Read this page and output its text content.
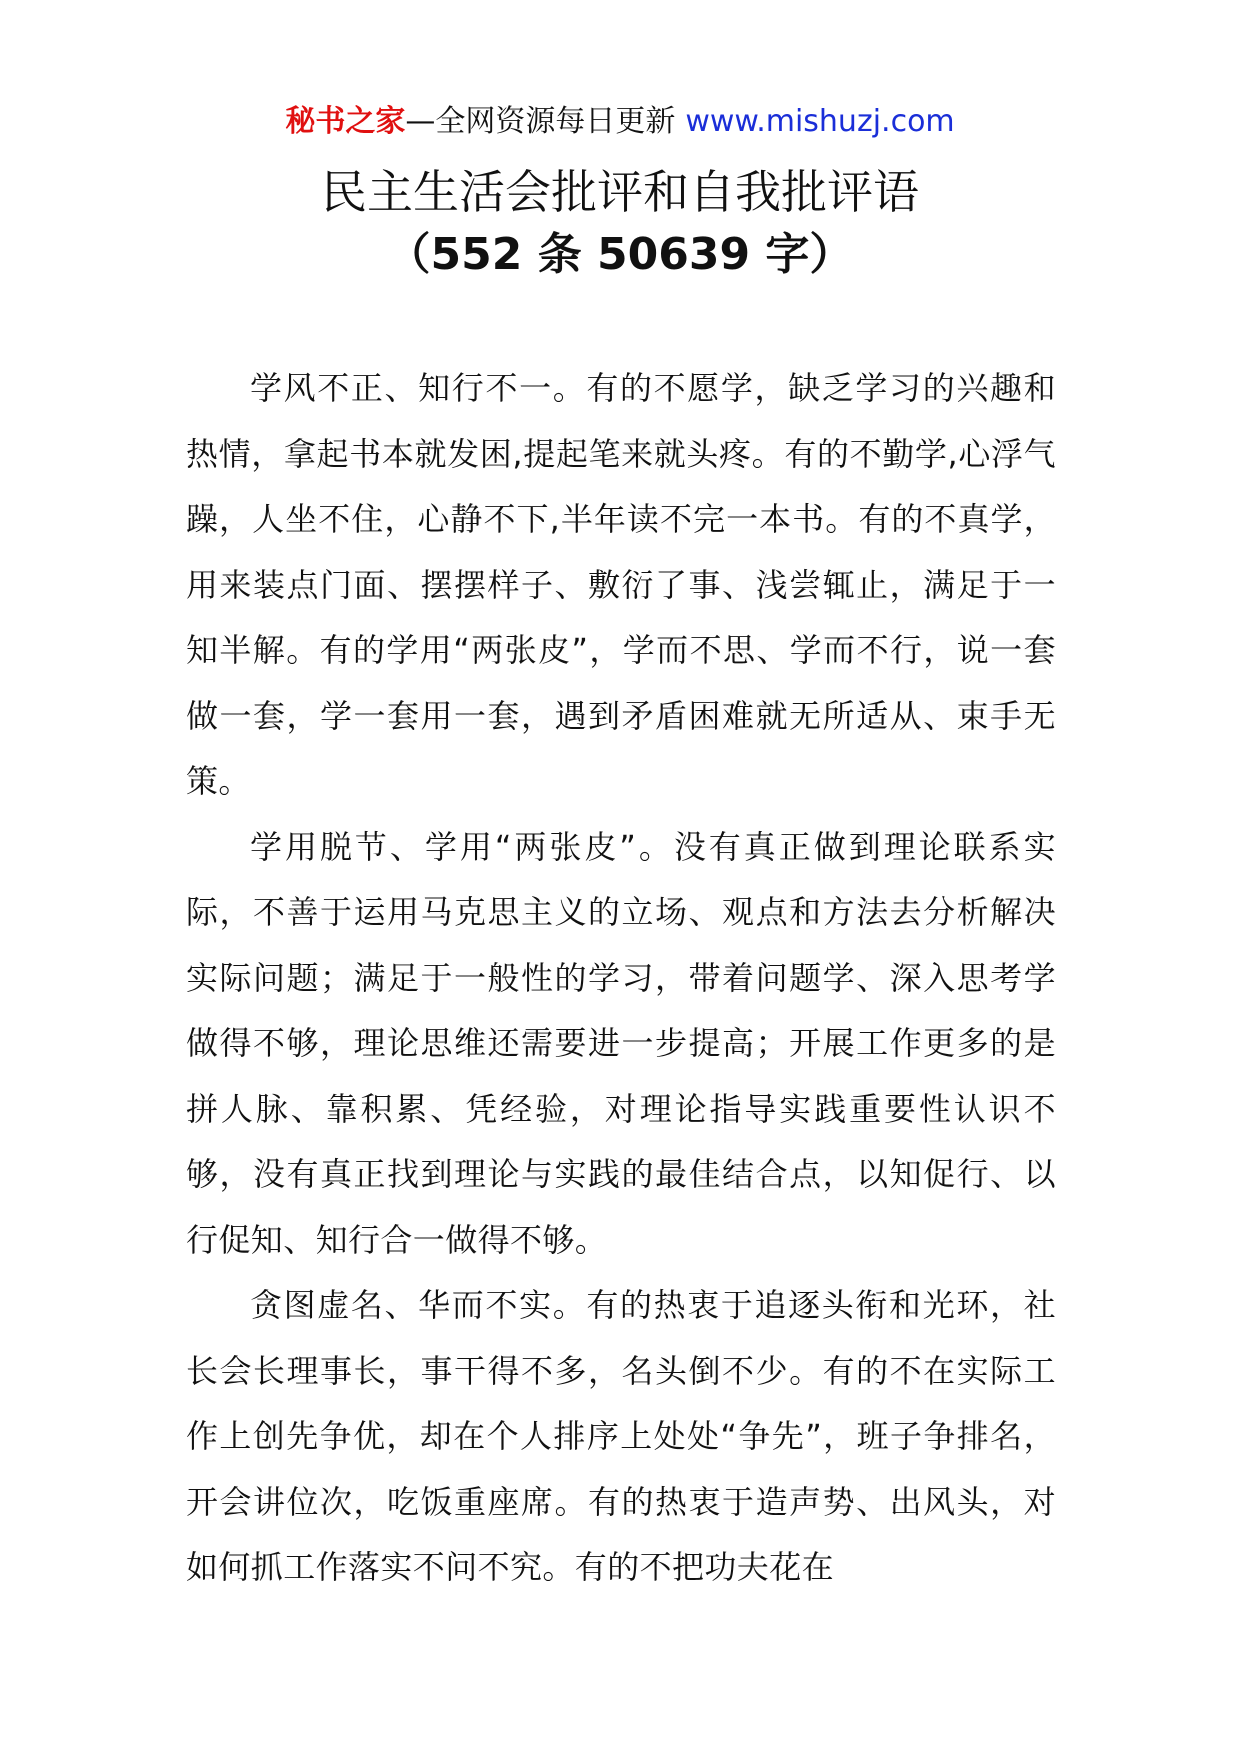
秘书之家—全网资源每日更新 www.mishuzj.com
民主生活会批评和自我批评语
（552 条 50639 字）

学风不正、知行不一。有的不愿学，缺乏学习的兴趣和热情，拿起书本就发困,提起笔来就头疼。有的不勤学,心浮气躁，人坐不住，心静不下,半年读不完一本书。有的不真学，用来装点门面、摆摆样子、敷衍了事、浅尝辄止，满足于一知半解。有的学用“两张皮”，学而不思、学而不行，说一套做一套，学一套用一套，遇到矛盾困难就无所适从、束手无策。

学用脱节、学用“两张皮”。没有真正做到理论联系实际，不善于运用马克思主义的立场、观点和方法去分析解决实际问题；满足于一般性的学习，带着问题学、深入思考学做得不够，理论思维还需要进一步提高；开展工作更多的是拼人脉、靠积累、凭经验，对理论指导实践重要性认识不够，没有真正找到理论与实践的最佳结合点，以知促行、以行促知、知行合一做得不够。

贪图虚名、华而不实。有的热衷于追逐头衔和光环，社长会长理事长，事干得不多，名头倒不少。有的不在实际工作上创先争优，却在个人排序上处处“争先”，班子争排名，开会讲位次，吃饭重座席。有的热衷于造声势、出风头，对如何抓工作落实不问不究。有的不把功夫花在
